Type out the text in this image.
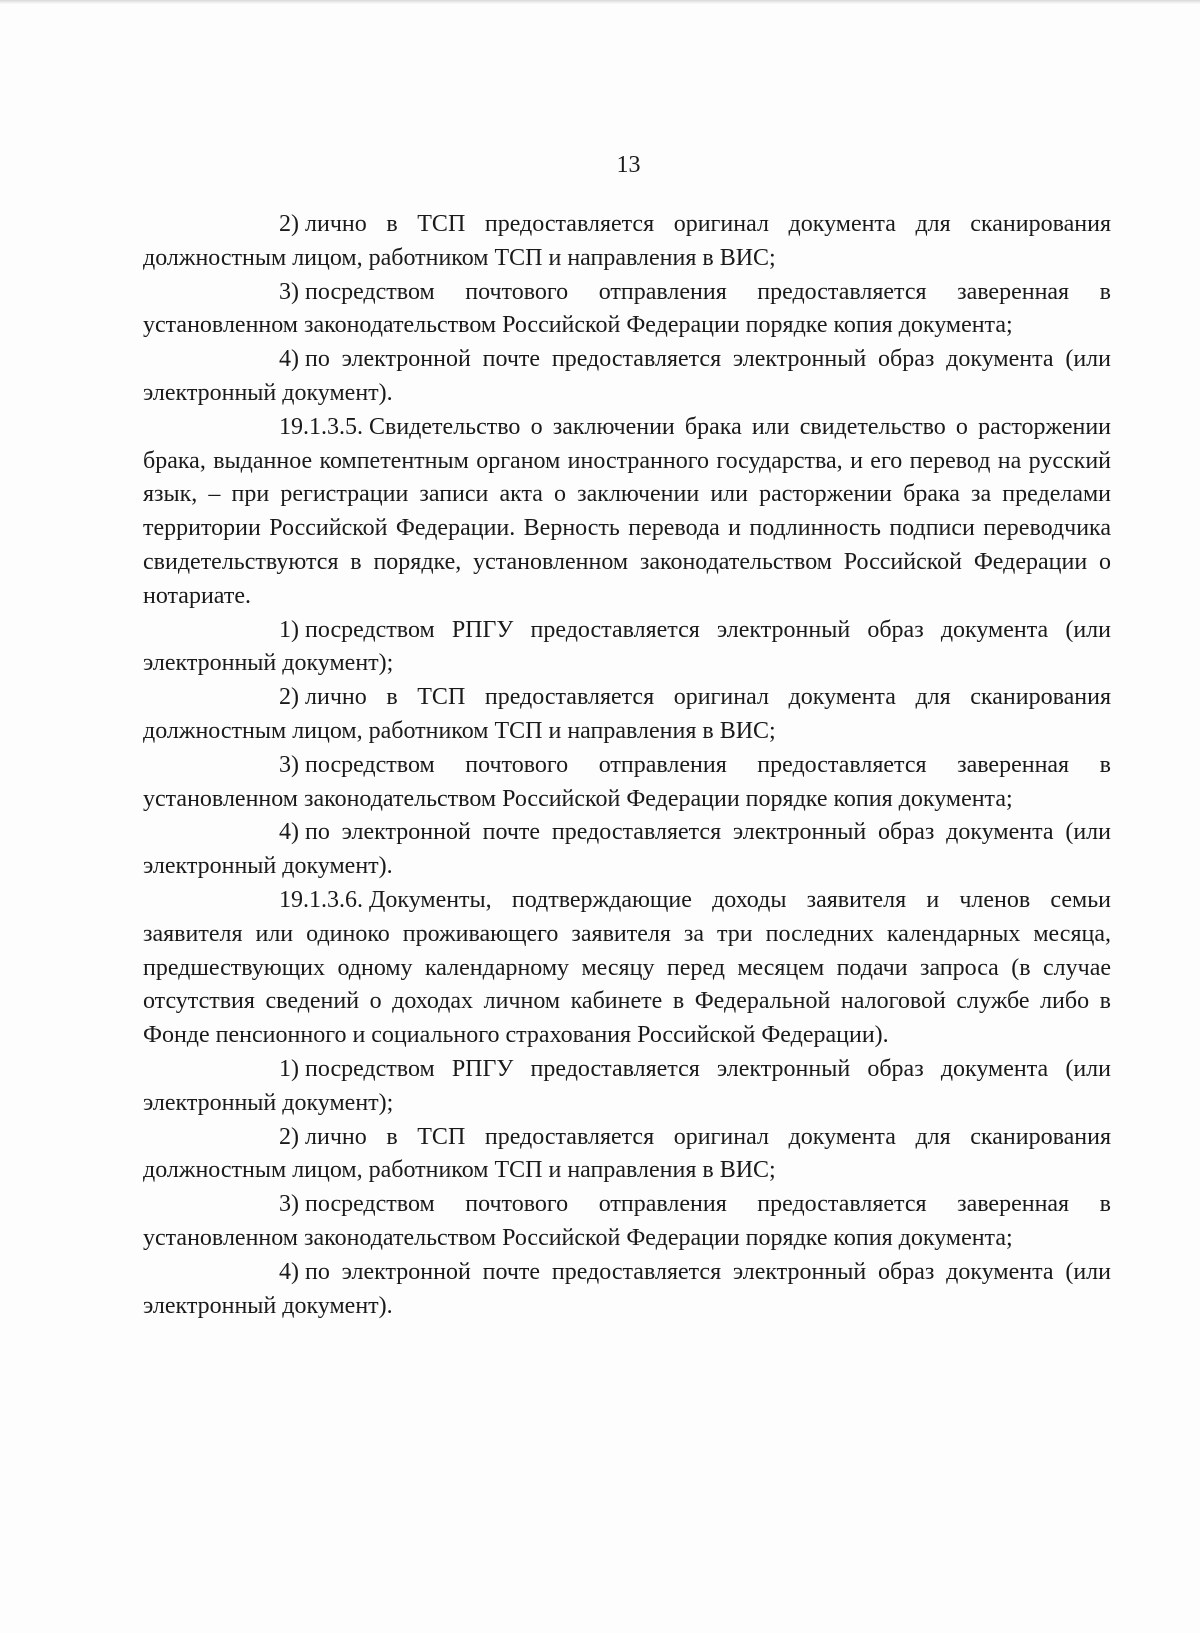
13

2) лично в ТСП предоставляется оригинал документа для сканирования должностным лицом, работником ТСП и направления в ВИС;

3) посредством почтового отправления предоставляется заверенная в установленном законодательством Российской Федерации порядке копия документа;

4) по электронной почте предоставляется электронный образ документа (или электронный документ).

19.1.3.5. Свидетельство о заключении брака или свидетельство о расторжении брака, выданное компетентным органом иностранного государства, и его перевод на русский язык, – при регистрации записи акта о заключении или расторжении брака за пределами территории Российской Федерации. Верность перевода и подлинность подписи переводчика свидетельствуются в порядке, установленном законодательством Российской Федерации о нотариате.

1) посредством РПГУ предоставляется электронный образ документа (или электронный документ);

2) лично в ТСП предоставляется оригинал документа для сканирования должностным лицом, работником ТСП и направления в ВИС;

3) посредством почтового отправления предоставляется заверенная в установленном законодательством Российской Федерации порядке копия документа;

4) по электронной почте предоставляется электронный образ документа (или электронный документ).

19.1.3.6. Документы, подтверждающие доходы заявителя и членов семьи заявителя или одиноко проживающего заявителя за три последних календарных месяца, предшествующих одному календарному месяцу перед месяцем подачи запроса (в случае отсутствия сведений о доходах личном кабинете в Федеральной налоговой службе либо в Фонде пенсионного и социального страхования Российской Федерации).

1) посредством РПГУ предоставляется электронный образ документа (или электронный документ);

2) лично в ТСП предоставляется оригинал документа для сканирования должностным лицом, работником ТСП и направления в ВИС;

3) посредством почтового отправления предоставляется заверенная в установленном законодательством Российской Федерации порядке копия документа;

4) по электронной почте предоставляется электронный образ документа (или электронный документ).
